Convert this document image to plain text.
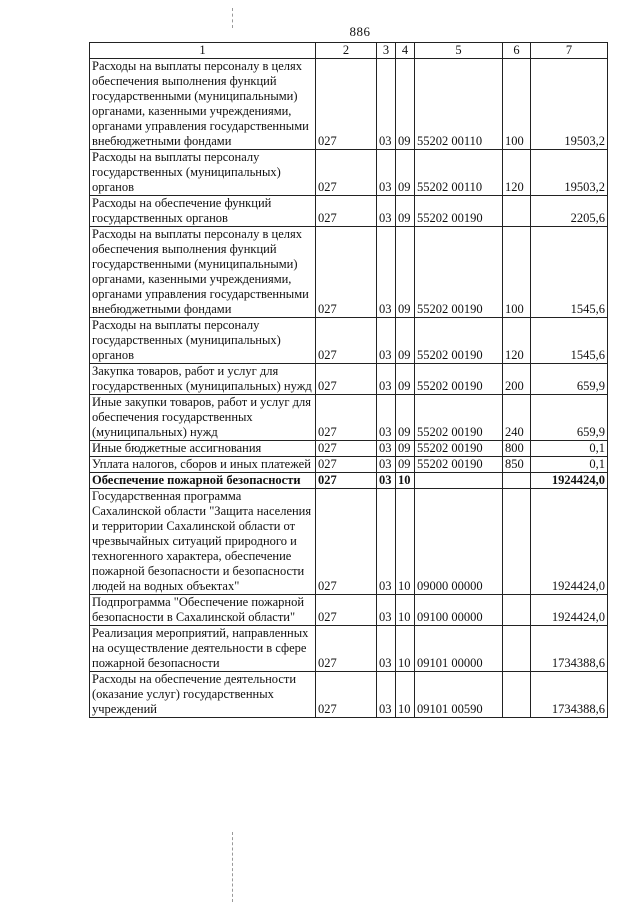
886
1	2	3	4	5	6	7
Расходы на выплаты персоналу в целях обеспечения выполнения функций государственными (муниципальными) органами, казенными учреждениями, органами управления государственными внебюджетными фондами	027	03	09	55202 00110	100	19503,2
Расходы на выплаты персоналу государственных (муниципальных) органов	027	03	09	55202 00110	120	19503,2
Расходы на обеспечение функций государственных органов	027	03	09	55202 00190		2205,6
Расходы на выплаты персоналу в целях обеспечения выполнения функций государственными (муниципальными) органами, казенными учреждениями, органами управления государственными внебюджетными фондами	027	03	09	55202 00190	100	1545,6
Расходы на выплаты персоналу государственных (муниципальных) органов	027	03	09	55202 00190	120	1545,6
Закупка товаров, работ и услуг для государственных (муниципальных) нужд	027	03	09	55202 00190	200	659,9
Иные закупки товаров, работ и услуг для обеспечения государственных (муниципальных) нужд	027	03	09	55202 00190	240	659,9
Иные бюджетные ассигнования	027	03	09	55202 00190	800	0,1
Уплата налогов, сборов и иных платежей	027	03	09	55202 00190	850	0,1
Обеспечение пожарной безопасности	027	03	10			1924424,0
Государственная программа Сахалинской области "Защита населения и территории Сахалинской области от чрезвычайных ситуаций природного и техногенного характера, обеспечение пожарной безопасности и безопасности людей на водных объектах"	027	03	10	09000 00000		1924424,0
Подпрограмма "Обеспечение пожарной безопасности в Сахалинской области"	027	03	10	09100 00000		1924424,0
Реализация мероприятий, направленных на осуществление деятельности в сфере пожарной безопасности	027	03	10	09101 00000		1734388,6
Расходы на обеспечение деятельности (оказание услуг) государственных учреждений	027	03	10	09101 00590		1734388,6
